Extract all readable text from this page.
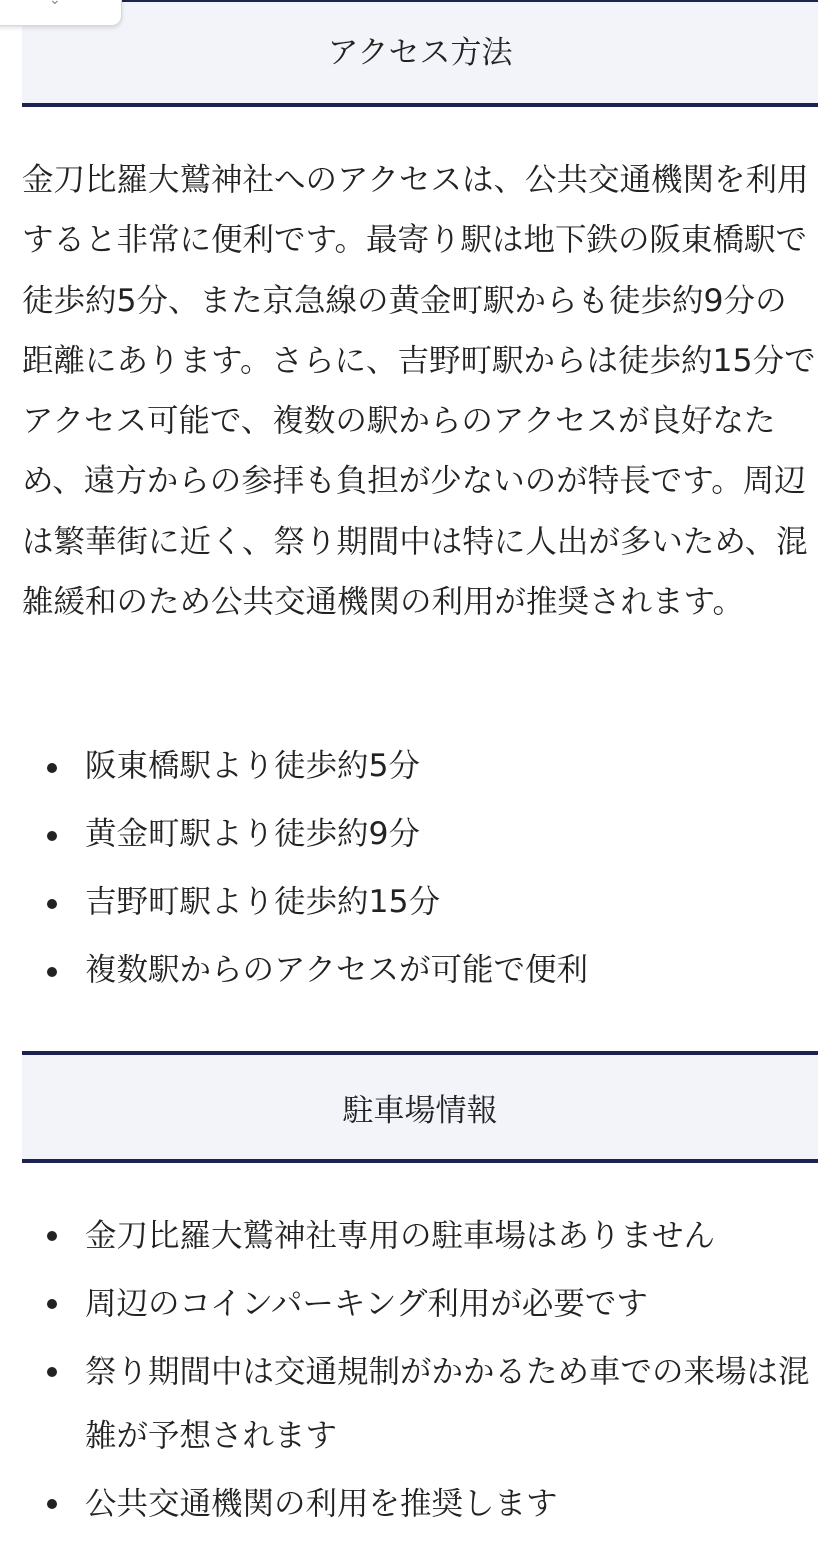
⌄
アクセス方法

金刀比羅大鷲神社へのアクセスは、公共交通機関を利用すると非常に便利です。最寄り駅は地下鉄の阪東橋駅で徒歩約5分、また京急線の黄金町駅からも徒歩約9分の距離にあります。さらに、吉野町駅からは徒歩約15分でアクセス可能で、複数の駅からのアクセスが良好なため、遠方からの参拝も負担が少ないのが特長です。周辺は繁華街に近く、祭り期間中は特に人出が多いため、混雑緩和のため公共交通機関の利用が推奨されます。

阪東橋駅より徒歩約5分
黄金町駅より徒歩約9分
吉野町駅より徒歩約15分
複数駅からのアクセスが可能で便利
駐車場情報
金刀比羅大鷲神社専用の駐車場はありません
周辺のコインパーキング利用が必要です
祭り期間中は交通規制がかかるため車での来場は混雑が予想されます
公共交通機関の利用を推奨します
